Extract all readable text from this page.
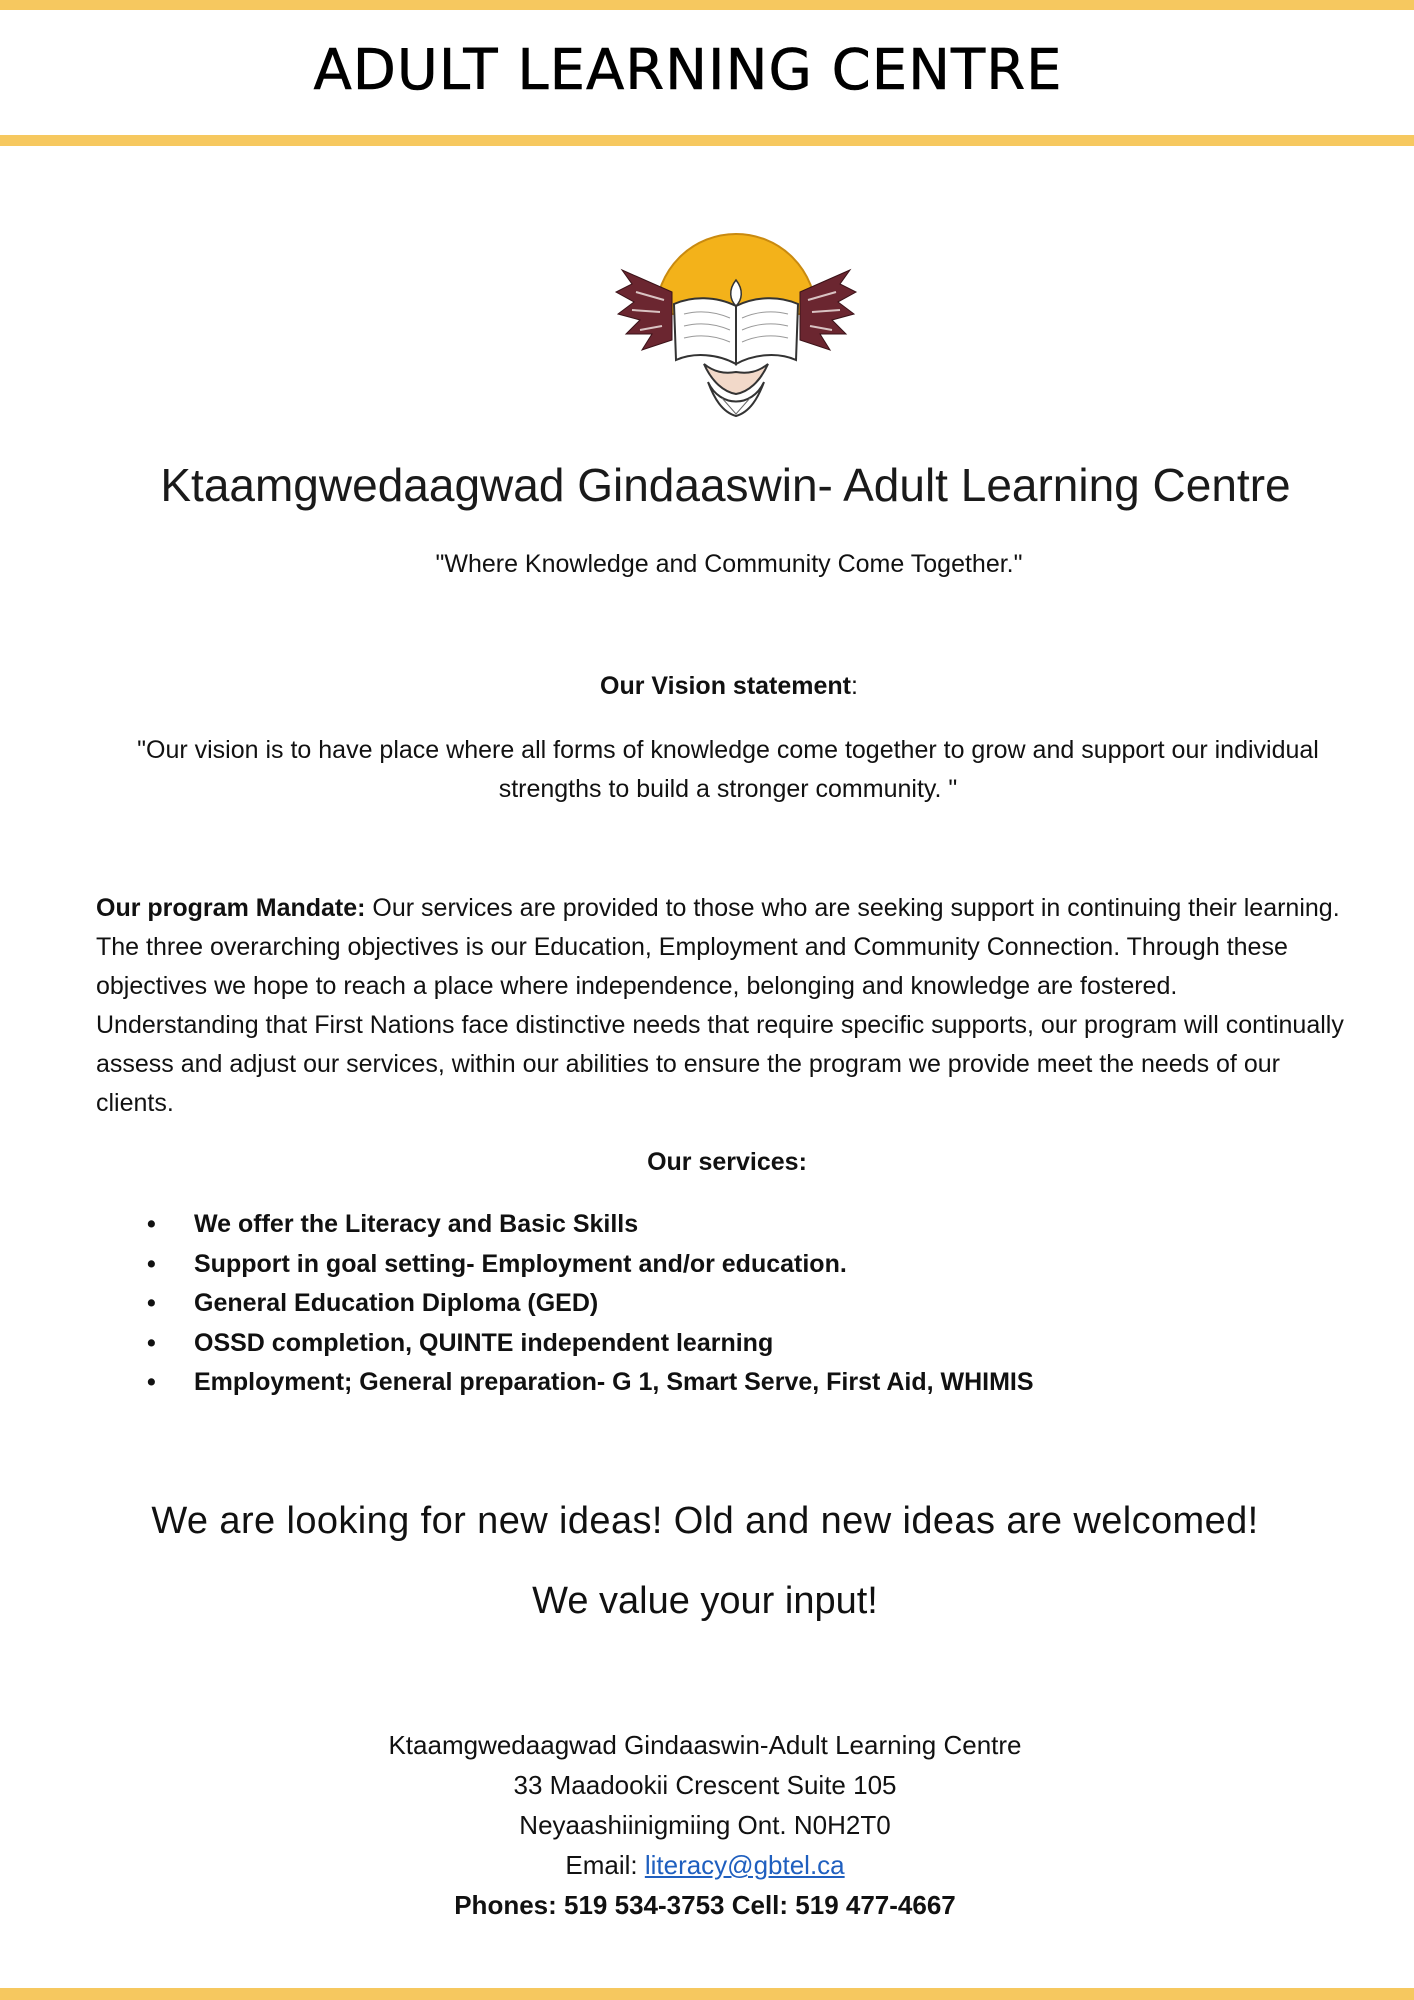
ADULT LEARNING CENTRE
Ktaamgwedaagwad Gindaaswin- Adult Learning Centre
"Where Knowledge and Community Come Together."
Our Vision statement:
"Our vision is to have place where all forms of knowledge come together to grow and support our individual strengths to build a stronger community. "
Our program Mandate: Our services are provided to those who are seeking support in continuing their learning.  The three overarching objectives is our Education, Employment and Community Connection. Through these objectives we hope to reach a place where independence, belonging and knowledge are fostered. Understanding that First Nations face distinctive needs that require specific supports, our program will continually assess and adjust our services, within our abilities to ensure the program we provide meet the needs of our clients.
Our services:
• We offer the Literacy and Basic Skills
• Support in goal setting- Employment and/or education.
• General Education Diploma (GED)
• OSSD completion, QUINTE independent learning
• Employment; General preparation- G 1, Smart Serve, First Aid, WHIMIS
We are looking for new ideas! Old and new ideas are welcomed!
We value your input!
Ktaamgwedaagwad Gindaaswin-Adult Learning Centre
33 Maadookii Crescent Suite 105
Neyaashiinigmiing Ont. N0H2T0
Email: literacy@gbtel.ca
Phones: 519 534-3753 Cell: 519 477-4667
